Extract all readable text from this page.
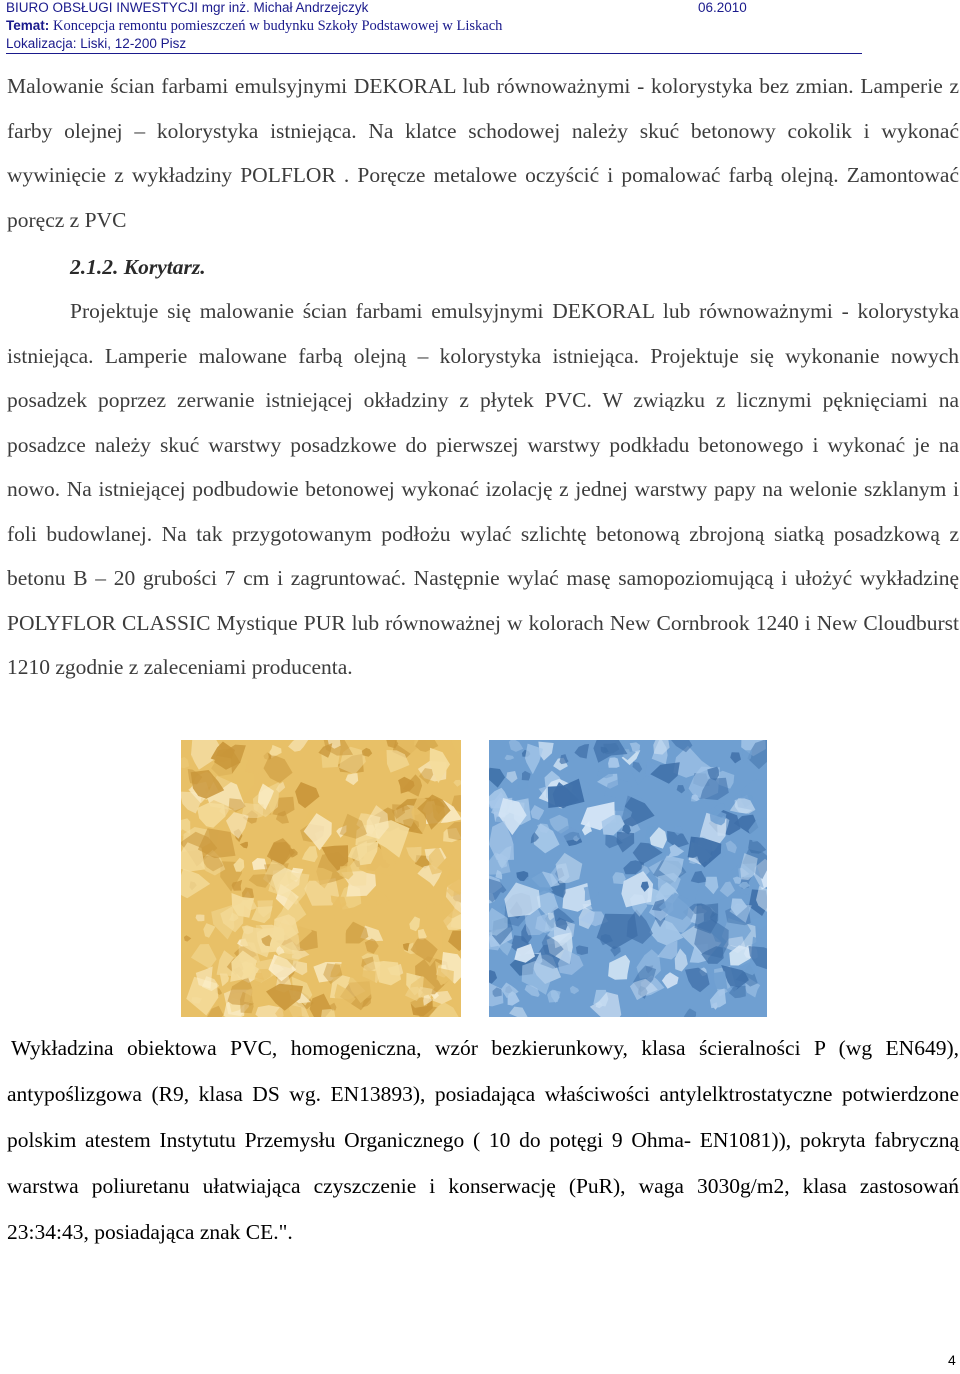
BIURO OBSŁUGI INWESTYCJI mgr inż. Michał Andrzejczyk	06.2010
Temat: Koncepcja remontu pomieszczeń w budynku Szkoły Podstawowej w Liskach
Lokalizacja: Liski, 12-200 Pisz

Malowanie ścian farbami emulsyjnymi DEKORAL lub równoważnymi - kolorystyka bez zmian. Lamperie z farby olejnej – kolorystyka istniejąca. Na klatce schodowej należy skuć betonowy cokolik i wykonać wywinięcie z wykładziny POLFLOR . Poręcze metalowe oczyścić i pomalować farbą olejną. Zamontować poręcz z PVC

2.1.2. Korytarz.

Projektuje się malowanie ścian farbami emulsyjnymi DEKORAL lub równoważnymi - kolorystyka istniejąca. Lamperie malowane farbą olejną – kolorystyka istniejąca. Projektuje się wykonanie nowych posadzek poprzez zerwanie istniejącej okładziny z płytek PVC. W związku z licznymi pęknięciami na posadzce należy skuć warstwy posadzkowe do pierwszej warstwy podkładu betonowego i wykonać je na nowo. Na istniejącej podbudowie betonowej wykonać izolację z jednej warstwy papy na welonie szklanym i foli budowlanej. Na tak przygotowanym podłożu wylać szlichtę betonową zbrojoną siatką posadzkową z betonu B – 20 grubości 7 cm i zagruntować. Następnie wylać masę samopoziomującą i ułożyć wykładzinę POLYFLOR CLASSIC Mystique PUR lub równoważnej w kolorach New Cornbrook 1240 i New Cloudburst 1210 zgodnie z zaleceniami producenta.

Wykładzina obiektowa PVC, homogeniczna, wzór bezkierunkowy, klasa ścieralności P (wg EN649), antypoślizgowa (R9, klasa DS wg. EN13893), posiadająca właściwości antylelktrostatyczne potwierdzone polskim atestem Instytutu Przemysłu Organicznego ( 10 do potęgi 9 Ohma- EN1081)), pokryta fabryczną warstwa poliuretanu ułatwiająca czyszczenie i konserwację (PuR), waga 3030g/m2, klasa zastosowań 23:34:43, posiadająca znak CE.".

4
